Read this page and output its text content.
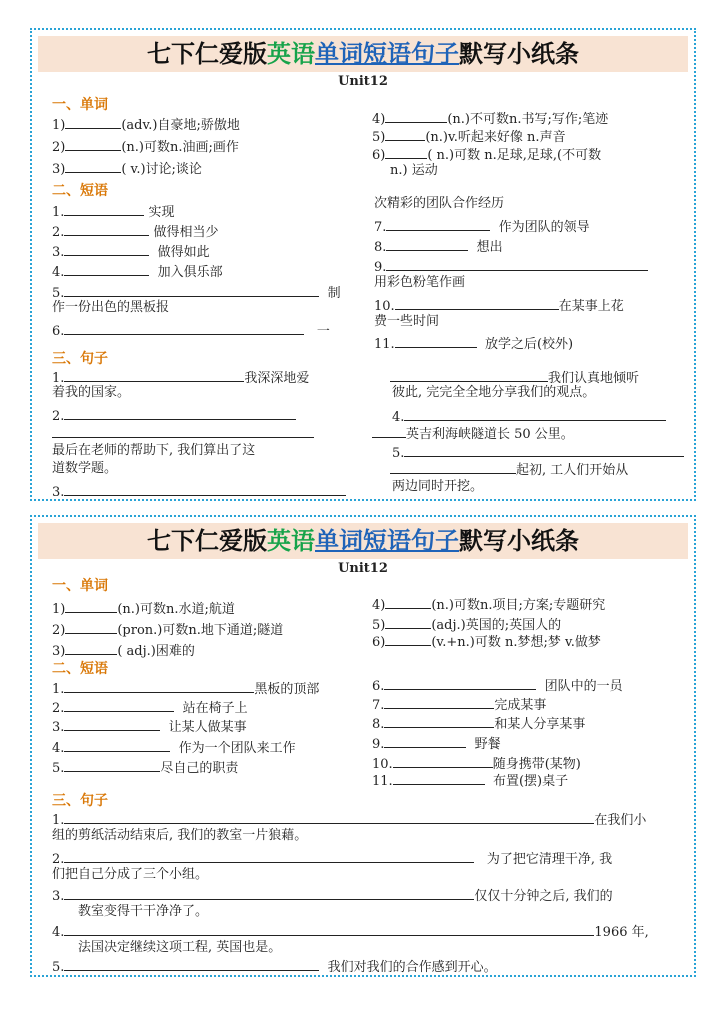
七下仁爱版英语单词短语句子默写小纸条
Unit12
一、单词
1)	(adv.)自豪地;骄傲地
2)	(n.)可数n.油画;画作
3)	( v.)讨论;谈论
4)	(n.)不可数n.书写;写作;笔迹
5)	(n.)v.听起来好像 n.声音
6)	( n.)可数 n.足球,足球,(不可数
n.) 运动
二、短语
1.	实现
2.	做得相当少
3.	做得如此
4.	加入俱乐部
5.	制
作一份出色的黑板报
6.	一
次精彩的团队合作经历
7.	作为团队的领导
8.	想出
9.
用彩色粉笔作画
10.	在某事上花
费一些时间
11.	放学之后(校外)
三、句子
1.	我深深地爱
着我的国家。
2.
最后在老师的帮助下, 我们算出了这
道数学题。
3.
我们认真地倾听
彼此, 完完全全地分享我们的观点。
4.
英吉利海峡隧道长 50 公里。
5.
起初, 工人们开始从
两边同时开挖。
七下仁爱版英语单词短语句子默写小纸条
Unit12
一、单词
1)	(n.)可数n.水道;航道
2)	(pron.)可数n.地下通道;隧道
3)	( adj.)困难的
4)	(n.)可数n.项目;方案;专题研究
5)	(adj.)英国的;英国人的
6)	(v.+n.)可数 n.梦想;梦 v.做梦
二、短语
1.	黑板的顶部
2.	站在椅子上
3.	让某人做某事
4.	作为一个团队来工作
5.	尽自己的职责
6.	团队中的一员
7.	完成某事
8.	和某人分享某事
9.	野餐
10.	随身携带(某物)
11.	布置(摆)桌子
三、句子
1.	在我们小
组的剪纸活动结束后, 我们的教室一片狼藉。
2.	为了把它清理干净, 我
们把自己分成了三个小组。
3.	仅仅十分钟之后, 我们的
教室变得干干净净了。
4.	1966 年,
法国决定继续这项工程, 英国也是。
5.	我们对我们的合作感到开心。
